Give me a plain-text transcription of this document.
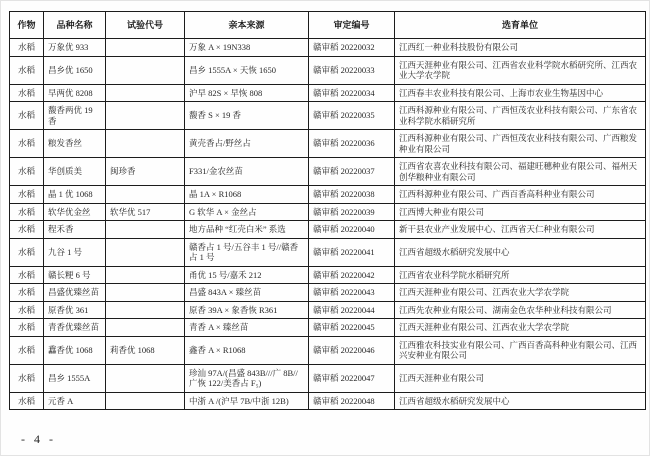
作物	品种名称	试验代号	亲本来源	审定编号	选育单位
水稻	万象优 933		万象 A × 19N338	赣审稻 20220032	江西红一种业科技股份有限公司
水稻	昌乡优 1650		昌乡 1555A × 天恢 1650	赣审稻 20220033	江西天涯种业有限公司、江西省农业科学院水稻研究所、江西农业大学农学院
水稻	早两优 8208		沪早 82S × 早恢 808	赣审稻 20220034	江西春丰农业科技有限公司、上海市农业生物基因中心
水稻	馥香两优 19 香		馥香 S × 19 香	赣审稻 20220035	江西科源种业有限公司、广西恒茂农业科技有限公司、广东省农业科学院水稻研究所
水稻	粮发香丝		黄壳香占/野丝占	赣审稻 20220036	江西科源种业有限公司、广西恒茂农业科技有限公司、广西粮发种业有限公司
水稻	华创质美	闽珍香	F331/金农丝苗	赣审稻 20220037	江西省农喜农业科技有限公司、福建旺穗种业有限公司、福州天创华粮种业有限公司
水稻	晶 1 优 1068		晶 1A × R1068	赣审稻 20220038	江西科源种业有限公司、广西百香高科种业有限公司
水稻	软华优金丝	软华优 517	G 软华 A × 金丝占	赣审稻 20220039	江西博大种业有限公司
水稻	程禾香		地方品种 “红壳白米” 系选	赣审稻 20220040	新干县农业产业发展中心、江西省天仁种业有限公司
水稻	九谷 1 号		赣香占 1 号/五谷丰 1 号//赣香占 1 号	赣审稻 20220041	江西省超级水稻研究发展中心
水稻	赣长粳 6 号		甬优 15 号/嘉禾 212	赣审稻 20220042	江西省农业科学院水稻研究所
水稻	昌盛优臻丝苗		昌盛 843A × 臻丝苗	赣审稻 20220043	江西天涯种业有限公司、江西农业大学农学院
水稻	原香优 361		原香 39A × 象香恢 R361	赣审稻 20220044	江西先农种业有限公司、湖南金色农华种业科技有限公司
水稻	青香优臻丝苗		青香 A × 臻丝苗	赣审稻 20220045	江西天涯种业有限公司、江西农业大学农学院
水稻	馫香优 1068	莉香优 1068	鑫香 A × R1068	赣审稻 20220046	江西雅农科技实业有限公司、广西百香高科种业有限公司、江西兴安种业有限公司
水稻	昌乡 1555A		珍汕 97A/(昌盛 843B///广 8B//广恢 122/美香占 F₅)	赣审稻 20220047	江西天涯种业有限公司
水稻	元香 A		中浙 A /(沪早 7B/中浙 12B)	赣审稻 20220048	江西省超级水稻研究发展中心
- 4 -
